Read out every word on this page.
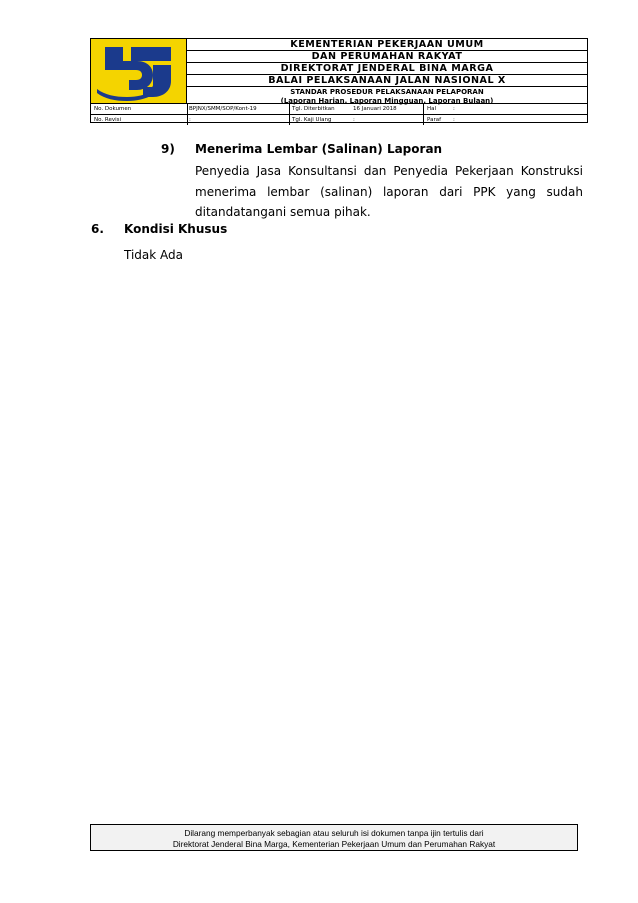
KEMENTERIAN PEKERJAAN UMUM
DAN PERUMAHAN RAKYAT
DIREKTORAT JENDERAL BINA MARGA
BALAI PELAKSANAAN JALAN NASIONAL X
STANDAR PROSEDUR PELAKSANAAN PELAPORAN
(Laporan Harian, Laporan Mingguan, Laporan Bulaan)
No. Dokumen	BPJNX/SMM/SOP/Kont-19	Tgl. Diterbitkan	16 Januari 2018	Hal	:
No. Revisi	:	Tgl. Kaji Ulang	:	Paraf :
9) Menerima Lembar (Salinan) Laporan
Penyedia Jasa Konsultansi dan Penyedia Pekerjaan Konstruksi menerima lembar (salinan) laporan dari PPK yang sudah ditandatangani semua pihak.
6. Kondisi Khusus
Tidak Ada
Dilarang memperbanyak sebagian atau seluruh isi dokumen tanpa ijin tertulis dari
Direktorat Jenderal Bina Marga, Kementerian Pekerjaan Umum dan Perumahan Rakyat
